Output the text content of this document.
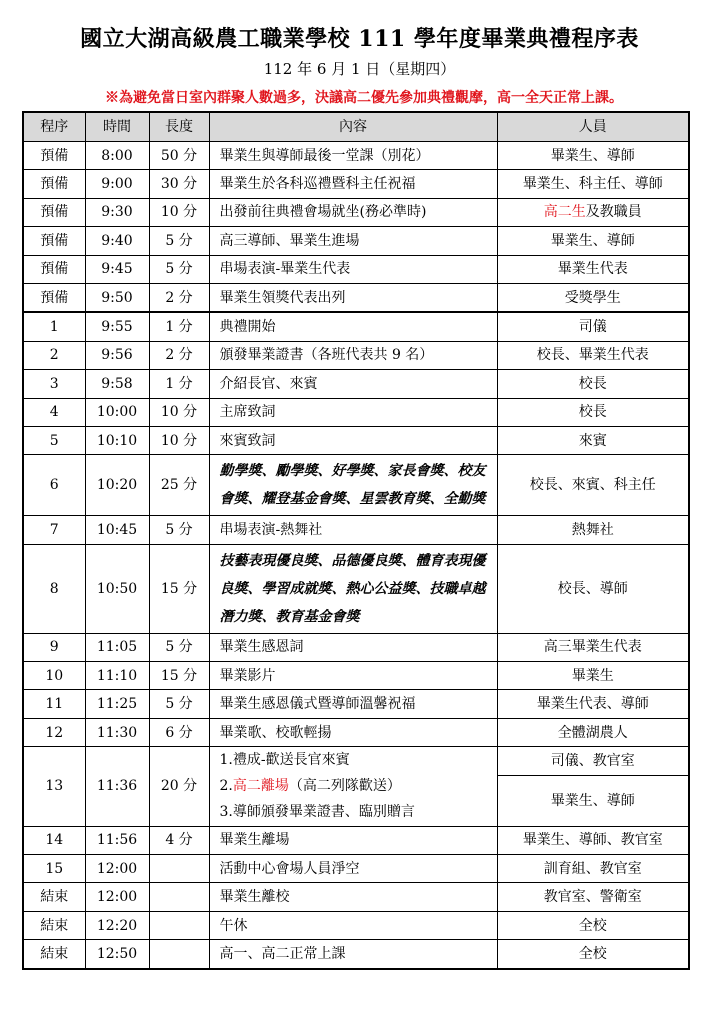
國立大湖高級農工職業學校 111 學年度畢業典禮程序表
112 年 6 月 1 日（星期四）
※為避免當日室內群聚人數過多，決議高二優先參加典禮觀摩，高一全天正常上課。
程序	時間	長度	內容	人員
預備	8:00	50 分	畢業生與導師最後一堂課（別花）	畢業生、導師
預備	9:00	30 分	畢業生於各科巡禮暨科主任祝福	畢業生、科主任、導師
預備	9:30	10 分	出發前往典禮會場就坐(務必準時)	高二生及教職員
預備	9:40	5 分	高三導師、畢業生進場	畢業生、導師
預備	9:45	5 分	串場表演-畢業生代表	畢業生代表
預備	9:50	2 分	畢業生領獎代表出列	受獎學生
1	9:55	1 分	典禮開始	司儀
2	9:56	2 分	頒發畢業證書（各班代表共 9 名）	校長、畢業生代表
3	9:58	1 分	介紹長官、來賓	校長
4	10:00	10 分	主席致詞	校長
5	10:10	10 分	來賓致詞	來賓
6	10:20	25 分	勤學獎、勵學獎、好學獎、家長會獎、校友會獎、耀登基金會獎、星雲教育獎、全勤獎	校長、來賓、科主任
7	10:45	5 分	串場表演-熱舞社	熱舞社
8	10:50	15 分	技藝表現優良獎、品德優良獎、體育表現優良獎、學習成就獎、熱心公益獎、技職卓越潛力獎、教育基金會獎	校長、導師
9	11:05	5 分	畢業生感恩詞	高三畢業生代表
10	11:10	15 分	畢業影片	畢業生
11	11:25	5 分	畢業生感恩儀式暨導師溫馨祝福	畢業生代表、導師
12	11:30	6 分	畢業歌、校歌輕揚	全體湖農人
13	11:36	20 分	1.禮成-歡送長官來賓
2.高二離場（高二列隊歡送）
3.導師頒發畢業證書、臨別贈言	司儀、教官室
				畢業生、導師
14	11:56	4 分	畢業生離場	畢業生、導師、教官室
15	12:00		活動中心會場人員淨空	訓育組、教官室
結束	12:00		畢業生離校	教官室、警衛室
結束	12:20		午休	全校
結束	12:50		高一、高二正常上課	全校
